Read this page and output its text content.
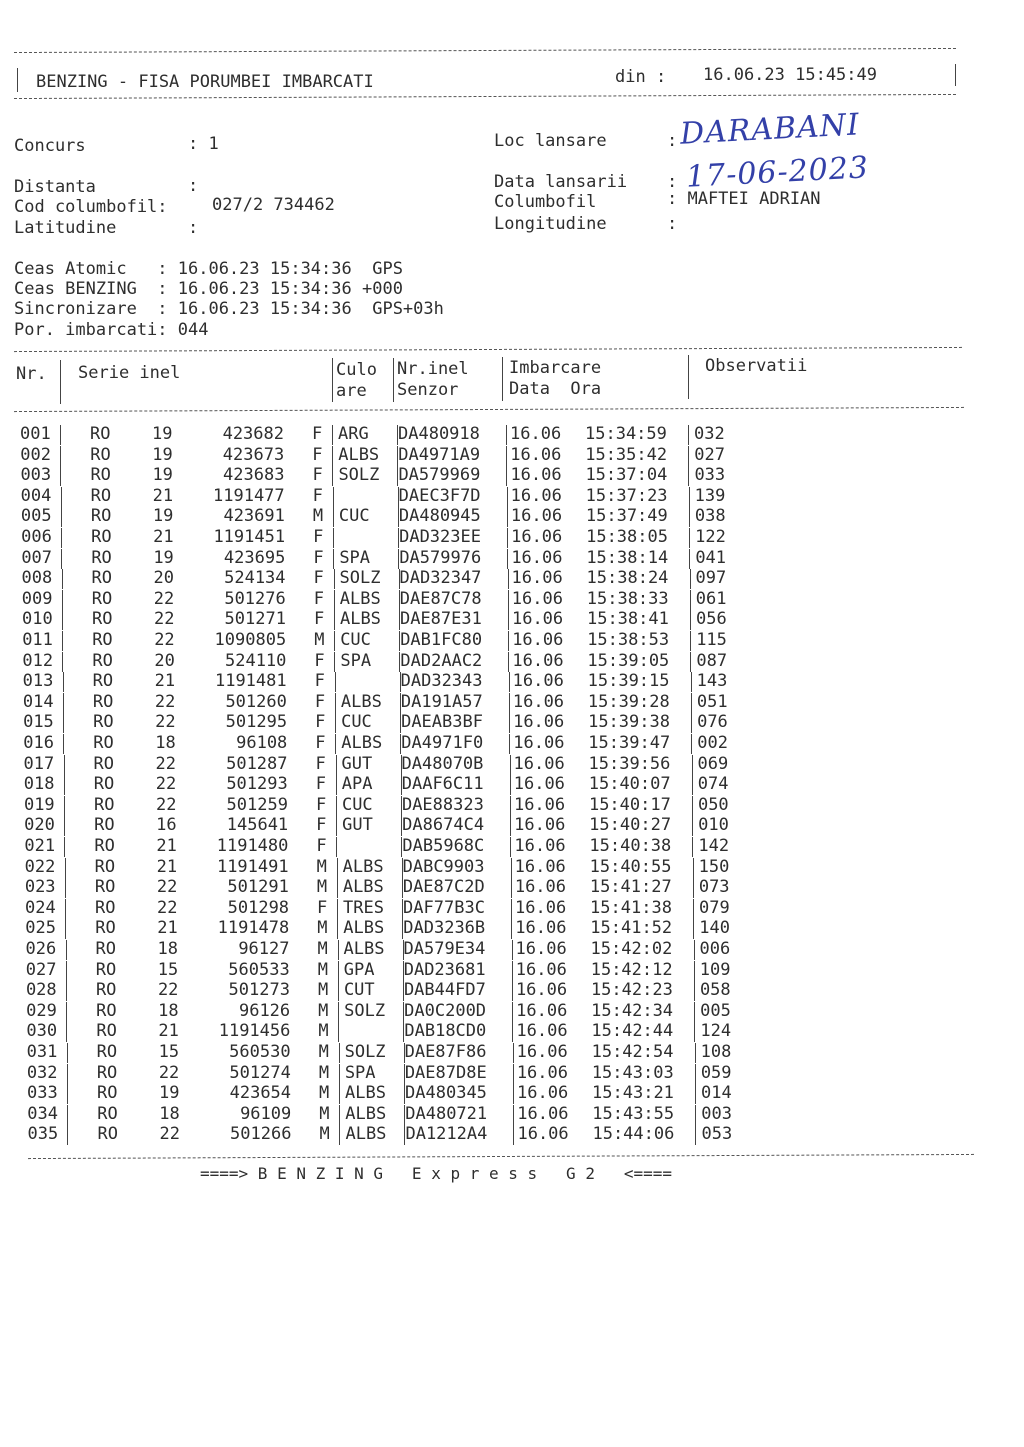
BENZING - FISA PORUMBEI IMBARCATI	din : 16.06.23 15:45:49
Concurs	: 1	Loc lansare	: DARABANI
Distanta	:	Data lansarii : 17-06-2023
Cod columbofil:	027/2 734462	Columbofil	: MAFTEI ADRIAN
Latitudine	:	Longitudine	:
Ceas Atomic   : 16.06.23 15:34:36  GPS
Ceas BENZING  : 16.06.23 15:34:36 +000
Sincronizare  : 16.06.23 15:34:36  GPS+03h
Por. imbarcati: 044
Nr. Serie inel	Culo
are
Nr.inel
Senzor
Imbarcare
Data  Ora
Observatii
001	RO	19	423682 F ARG	DA480918	16.06	15:34:59	032
002	RO	19	423673 F ALBS	DA4971A9	16.06	15:35:42	027
003	RO	19	423683 F SOLZ	DA579969	16.06	15:37:04	033
004	RO	21	1191477 F	DAEC3F7D	16.06	15:37:23	139
005	RO	19	423691 M CUC	DA480945	16.06	15:37:49	038
006	RO	21	1191451 F	DAD323EE	16.06	15:38:05	122
007	RO	19	423695 F SPA	DA579976	16.06	15:38:14	041
008	RO	20	524134 F SOLZ	DAD32347	16.06	15:38:24	097
009	RO	22	501276 F ALBS	DAE87C78	16.06	15:38:33	061
010	RO	22	501271 F ALBS	DAE87E31	16.06	15:38:41	056
011	RO	22	1090805 M CUC	DAB1FC80	16.06	15:38:53	115
012	RO	20	524110 F SPA	DAD2AAC2	16.06	15:39:05	087
013	RO	21	1191481 F	DAD32343	16.06	15:39:15	143
014	RO	22	501260 F ALBS	DA191A57	16.06	15:39:28	051
015	RO	22	501295 F CUC	DAEAB3BF	16.06	15:39:38	076
016	RO	18	96108 F ALBS	DA4971F0	16.06	15:39:47	002
017	RO	22	501287 F GUT	DA48070B	16.06	15:39:56	069
018	RO	22	501293 F APA	DAAF6C11	16.06	15:40:07	074
019	RO	22	501259 F CUC	DAE88323	16.06	15:40:17	050
020	RO	16	145641 F GUT	DA8674C4	16.06	15:40:27	010
021	RO	21	1191480 F	DAB5968C	16.06	15:40:38	142
022	RO	21	1191491 M ALBS	DABC9903	16.06	15:40:55	150
023	RO	22	501291 M ALBS	DAE87C2D	16.06	15:41:27	073
024	RO	22	501298 F TRES	DAF77B3C	16.06	15:41:38	079
025	RO	21	1191478 M ALBS	DAD3236B	16.06	15:41:52	140
026	RO	18	96127 M ALBS	DA579E34	16.06	15:42:02	006
027	RO	15	560533 M GPA	DAD23681	16.06	15:42:12	109
028	RO	22	501273 M CUT	DAB44FD7	16.06	15:42:23	058
029	RO	18	96126 M SOLZ	DA0C200D	16.06	15:42:34	005
030	RO	21	1191456 M	DAB18CD0	16.06	15:42:44	124
031	RO	15	560530 M SOLZ	DAE87F86	16.06	15:42:54	108
032	RO	22	501274 M SPA	DAE87D8E	16.06	15:43:03	059
033	RO	19	423654 M ALBS	DA480345	16.06	15:43:21	014
034	RO	18	96109 M ALBS	DA480721	16.06	15:43:55	003
035	RO	22	501266 M ALBS	DA1212A4	16.06	15:44:06	053
====> B E N Z I N G   E x p r e s s   G 2   <====
